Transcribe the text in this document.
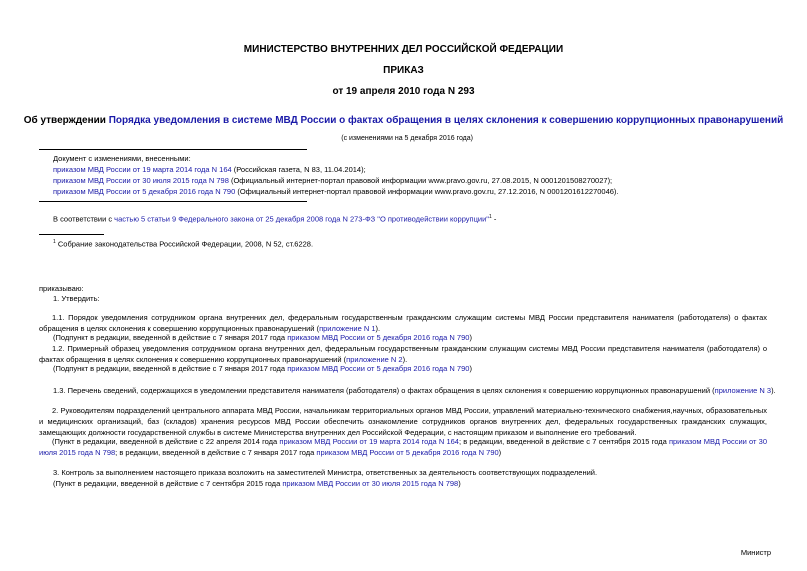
МИНИСТЕРСТВО ВНУТРЕННИХ ДЕЛ РОССИЙСКОЙ ФЕДЕРАЦИИ
ПРИКАЗ
от 19 апреля 2010 года N 293
Об утверждении Порядка уведомления в системе МВД России о фактах обращения в целях склонения к совершению коррупционных правонарушений
(с изменениями на 5 декабря 2016 года)
Документ с изменениями, внесенными:
приказом МВД России от 19 марта 2014 года N 164 (Российская газета, N 83, 11.04.2014);
приказом МВД России от 30 июля 2015 года N 798 (Официальный интернет-портал правовой информации www.pravo.gov.ru, 27.08.2015, N 0001201508270027);
приказом МВД России от 5 декабря 2016 года N 790 (Официальный интернет-портал правовой информации www.pravo.gov.ru, 27.12.2016, N 0001201612270046).
В соответствии с частью 5 статьи 9 Федерального закона от 25 декабря 2008 года N 273-ФЗ "О противодействии коррупции"$^1$ -
$^1$ Собрание законодательства Российской Федерации, 2008, N 52, ст.6228.
приказываю:
1. Утвердить:
1.1. Порядок уведомления сотрудником органа внутренних дел, федеральным государственным гражданским служащим системы МВД России представителя нанимателя (работодателя) о фактах обращения в целях склонения к совершению коррупционных правонарушений (приложение N 1).
(Подпункт в редакции, введенной в действие с 7 января 2017 года приказом МВД России от 5 декабря 2016 года N 790)
1.2. Примерный образец уведомления сотрудником органа внутренних дел, федеральным государственным гражданским служащим системы МВД России представителя нанимателя (работодателя) о фактах обращения в целях склонения к совершению коррупционных правонарушений (приложение N 2).
(Подпункт в редакции, введенной в действие с 7 января 2017 года приказом МВД России от 5 декабря 2016 года N 790)
1.3. Перечень сведений, содержащихся в уведомлении представителя нанимателя (работодателя) о фактах обращения в целях склонения к совершению коррупционных правонарушений (приложение N 3).
2. Руководителям подразделений центрального аппарата МВД России, начальникам территориальных органов МВД России, управлений материально-технического снабжения,научных, образовательных и медицинских организаций, баз (складов) хранения ресурсов МВД России обеспечить ознакомление сотрудников органов внутренних дел, федеральных государственных гражданских служащих, замещающих должности государственной службы в системе Министерства внутренних дел Российской Федерации, с настоящим приказом и выполнение его требований.
(Пункт в редакции, введенной в действие с 22 апреля 2014 года приказом МВД России от 19 марта 2014 года N 164; в редакции, введенной в действие с 7 сентября 2015 года приказом МВД России от 30 июля 2015 года N 798; в редакции, введенной в действие с 7 января 2017 года приказом МВД России от 5 декабря 2016 года N 790)
3. Контроль за выполнением настоящего приказа возложить на заместителей Министра, ответственных за деятельность соответствующих подразделений.
(Пункт в редакции, введенной в действие с 7 сентября 2015 года приказом МВД России от 30 июля 2015 года N 798)
Министр
